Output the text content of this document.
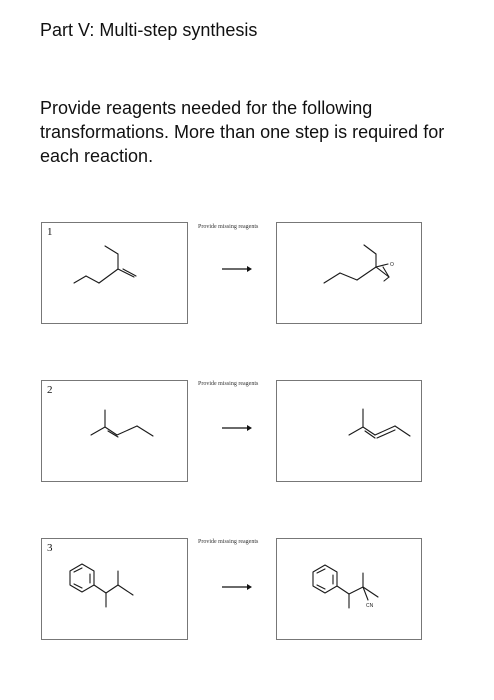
Part V: Multi-step synthesis
Provide reagents needed for the following transformations. More than one step is required for each reaction.
1	Provide missing reagents
O
2	Provide missing reagents
3	Provide missing reagents
CN
